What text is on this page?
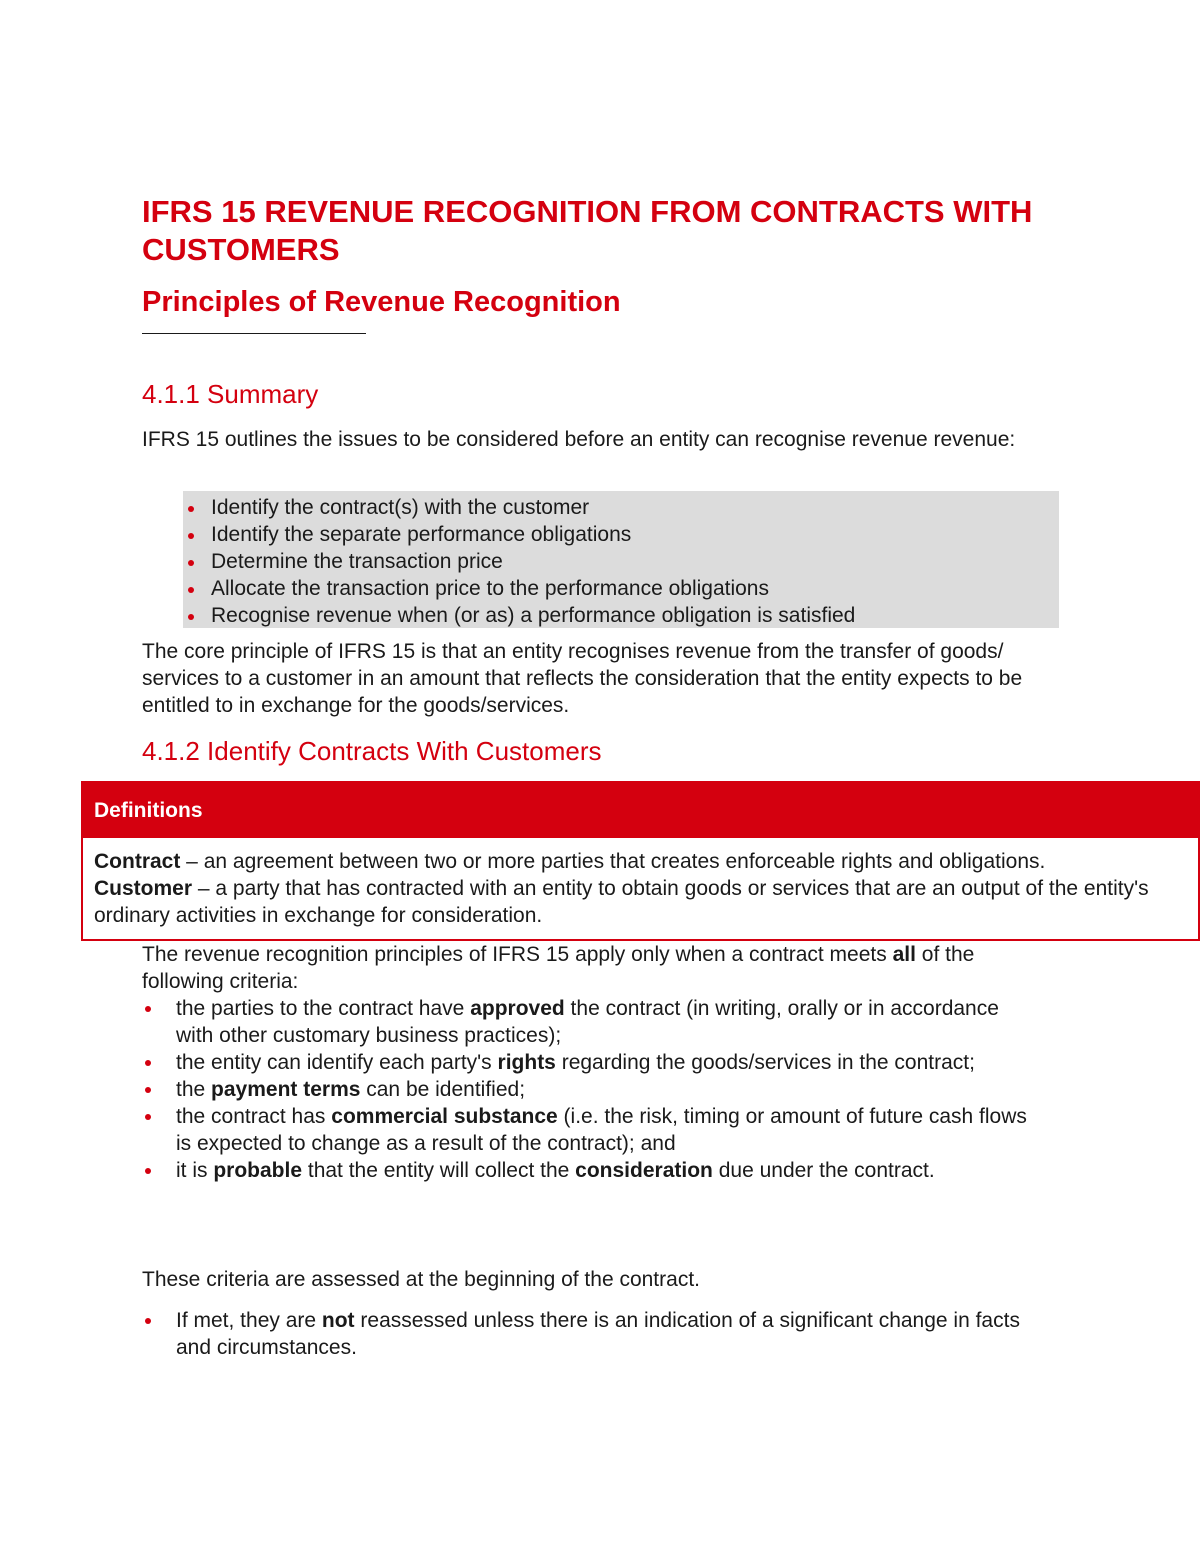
IFRS 15 REVENUE RECOGNITION FROM CONTRACTS WITH CUSTOMERS
Principles of Revenue Recognition
4.1.1 Summary

IFRS 15 outlines the issues to be considered before an entity can recognise revenue revenue:

Identify the contract(s) with the customer
Identify the separate performance obligations
Determine the transaction price
Allocate the transaction price to the performance obligations
Recognise revenue when (or as) a performance obligation is satisfied

The core principle of IFRS 15 is that an entity recognises revenue from the transfer of goods/ services to a customer in an amount that reflects the consideration that the entity expects to be entitled to in exchange for the goods/services.

4.1.2 Identify Contracts With Customers
Definitions

Contract – an agreement between two or more parties that creates enforceable rights and obligations.

Customer – a party that has contracted with an entity to obtain goods or services that are an output of the entity's ordinary activities in exchange for consideration.

The revenue recognition principles of IFRS 15 apply only when a contract meets all of the following criteria:

the parties to the contract have approved the contract (in writing, orally or in accordance with other customary business practices);
the entity can identify each party's rights regarding the goods/services in the contract;
the payment terms can be identified;
the contract has commercial substance (i.e. the risk, timing or amount of future cash flows is expected to change as a result of the contract); and
it is probable that the entity will collect the consideration due under the contract.

These criteria are assessed at the beginning of the contract.

If met, they are not reassessed unless there is an indication of a significant change in facts and circumstances.
